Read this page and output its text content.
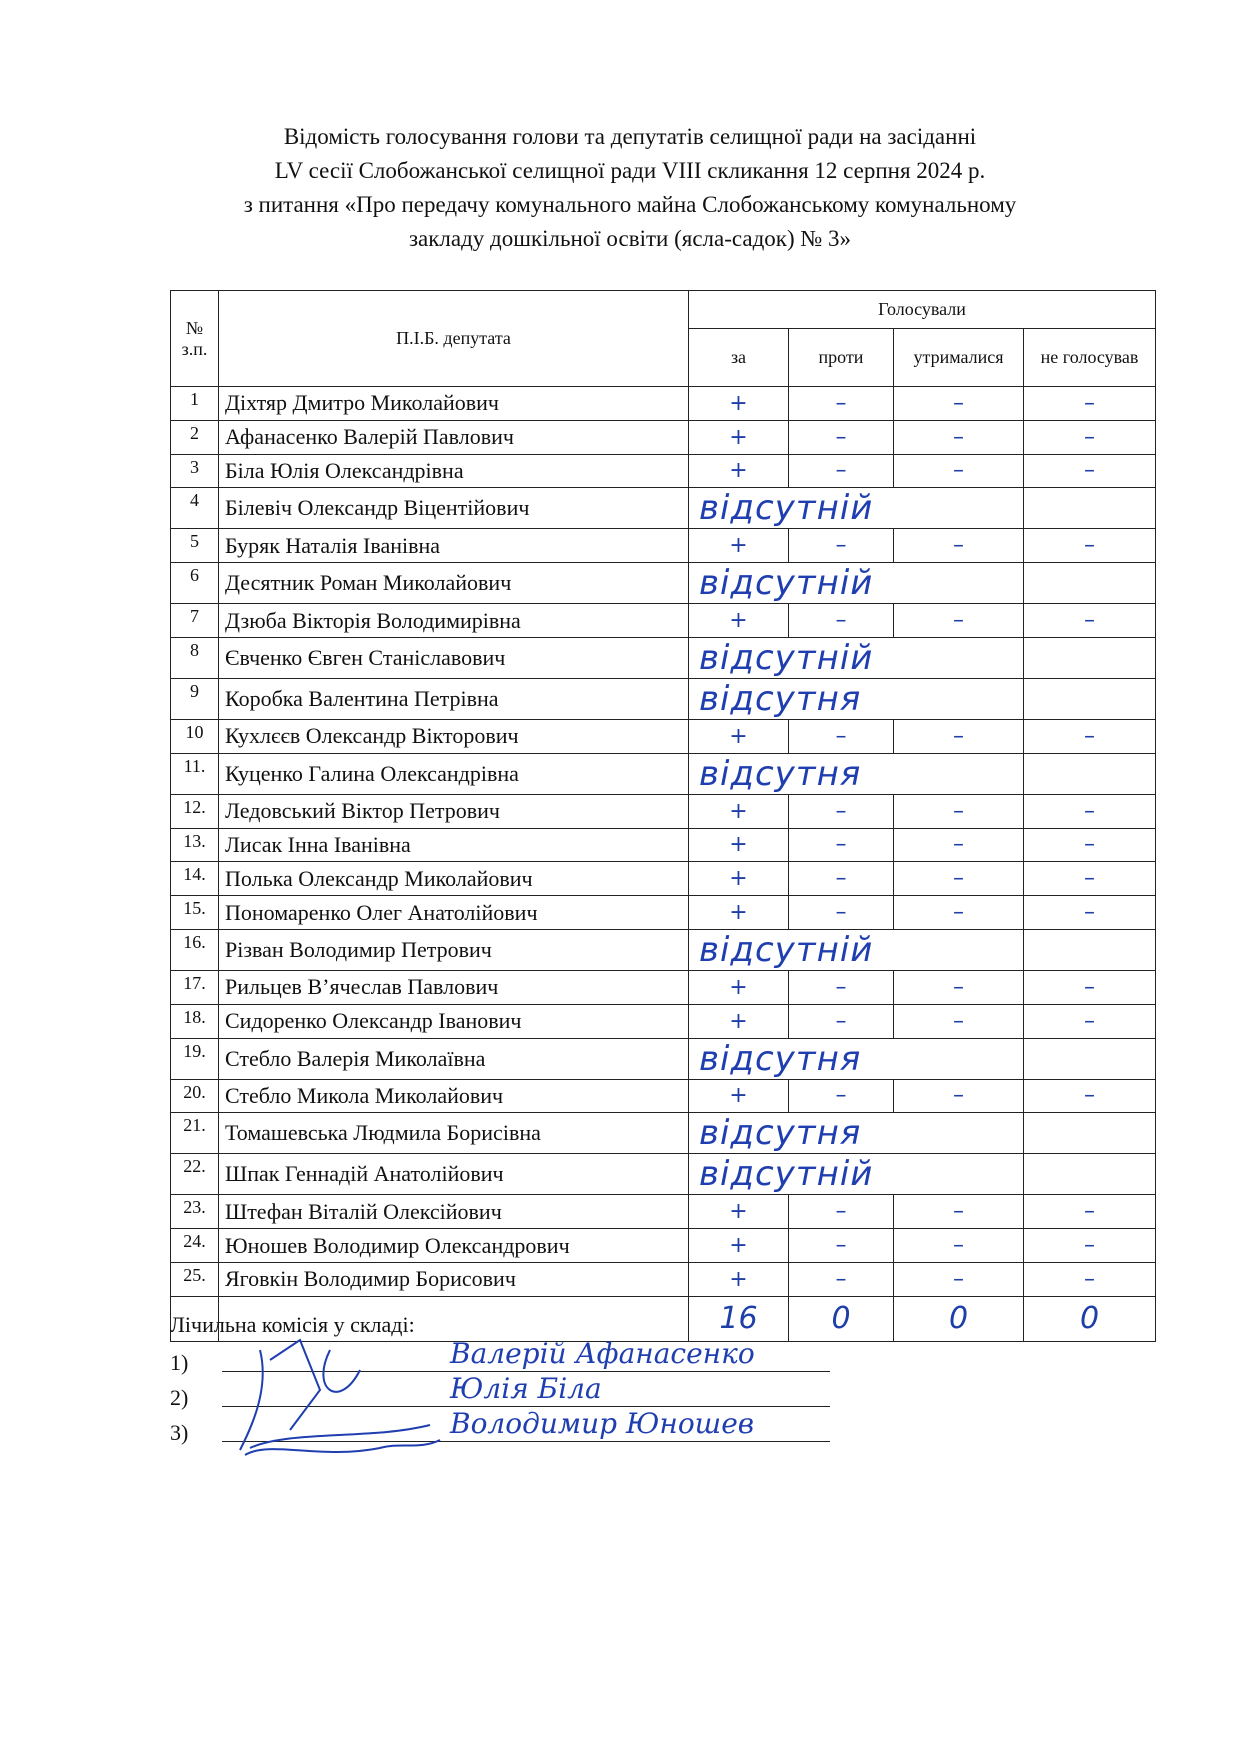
Відомість голосування голови та депутатів селищної ради на засіданні
LV сесії Слобожанської селищної ради VIII скликання 12 серпня 2024 р.
з питання «Про передачу комунального майна Слобожанському комунальному
закладу дошкільної освіти (ясла-садок) № 3»
№ з.п.	П.І.Б. депутата	Голосували			
		за	проти	утрималися	не голосував
1	Діхтяр Дмитро Миколайович	+	–	–	–
2	Афанасенко Валерій Павлович	+	–	–	–
3	Біла Юлія Олександрівна	+	–	–	–
4	Білевіч Олександр Віцентійович	відсутній			
5	Буряк Наталія Іванівна	+	–	–	–
6	Десятник Роман Миколайович	відсутній			
7	Дзюба Вікторія Володимирівна	+	–	–	–
8	Євченко Євген Станіславович	відсутній			
9	Коробка Валентина Петрівна	відсутня			
10	Кухлєєв Олександр Вікторович	+	–	–	–
11.	Куценко Галина Олександрівна	відсутня			
12.	Ледовський Віктор Петрович	+	–	–	–
13.	Лисак Інна Іванівна	+	–	–	–
14.	Полька Олександр Миколайович	+	–	–	–
15.	Пономаренко Олег Анатолійович	+	–	–	–
16.	Різван Володимир Петрович	відсутній			
17.	Рильцев В’ячеслав Павлович	+	–	–	–
18.	Сидоренко Олександр Іванович	+	–	–	–
19.	Стебло Валерія Миколаївна	відсутня			
20.	Стебло Микола Миколайович	+	–	–	–
21.	Томашевська Людмила Борисівна	відсутня			
22.	Шпак Геннадій Анатолійович	відсутній			
23.	Штефан Віталій Олексійович	+	–	–	–
24.	Юношев Володимир Олександрович	+	–	–	–
25.	Яговкін Володимир Борисович	+	–	–	–
		16	0	0	0
Лічильна комісія у складі:
1)	Валерій Афанасенко
2)	Юлія Біла
3)	Володимир Юношев
